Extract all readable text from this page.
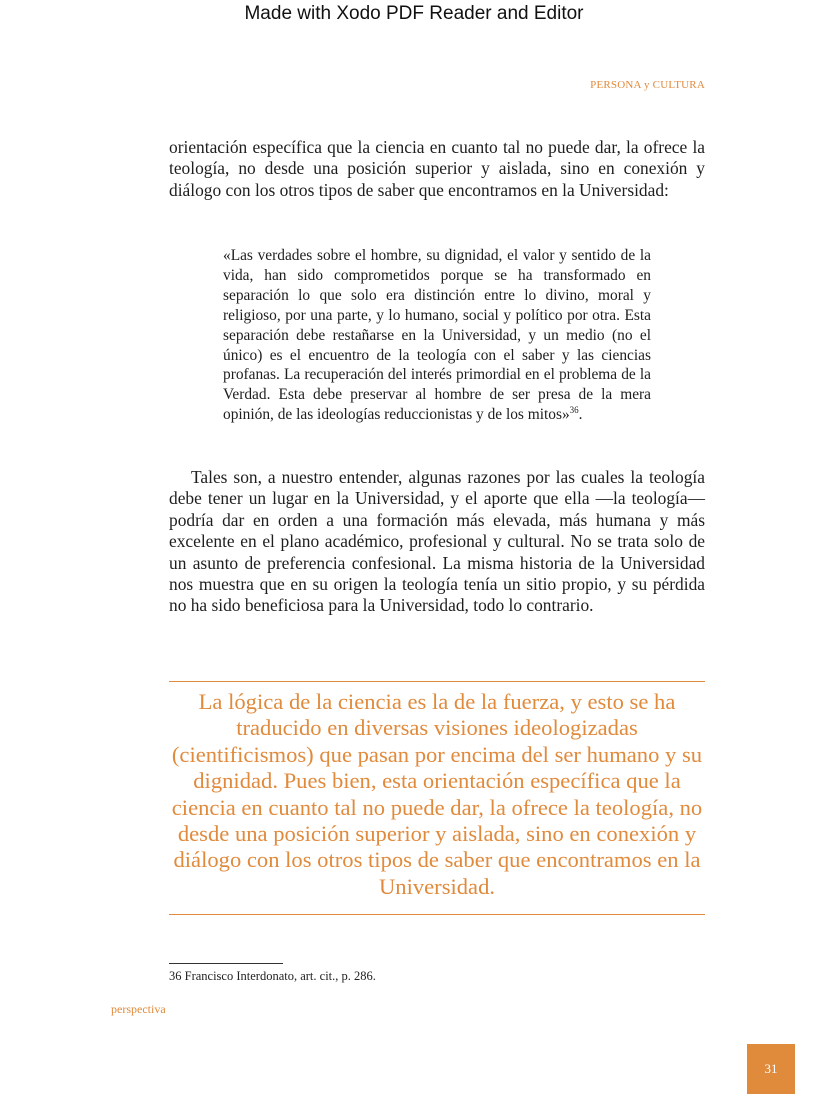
Made with Xodo PDF Reader and Editor
PERSONA y CULTURA

orientación específica que la ciencia en cuanto tal no puede dar, la ofrece la teología, no desde una posición superior y aislada, sino en conexión y diálogo con los otros tipos de saber que encontramos en la Universidad:

«Las verdades sobre el hombre, su dignidad, el valor y sentido de la vida, han sido comprometidos porque se ha transformado en separación lo que solo era distinción entre lo divino, moral y religioso, por una parte, y lo humano, social y político por otra. Esta separación debe restañarse en la Universidad, y un medio (no el único) es el encuentro de la teología con el saber y las ciencias profanas. La recuperación del interés primordial en el problema de la Verdad. Esta debe preservar al hombre de ser presa de la mera opinión, de las ideologías reduccionistas y de los mitos»$^{36}$.

Tales son, a nuestro entender, algunas razones por las cuales la teología debe tener un lugar en la Universidad, y el aporte que ella —la teología— podría dar en orden a una formación más elevada, más humana y más excelente en el plano académico, profesional y cultural. No se trata solo de un asunto de preferencia confesional. La misma historia de la Universidad nos muestra que en su origen la teología tenía un sitio propio, y su pérdida no ha sido beneficiosa para la Universidad, todo lo contrario.

La lógica de la ciencia es la de la fuerza, y esto se ha traducido en diversas visiones ideologizadas (cientificismos) que pasan por encima del ser humano y su dignidad. Pues bien, esta orientación específica que la ciencia en cuanto tal no puede dar, la ofrece la teología, no desde una posición superior y aislada, sino en conexión y diálogo con los otros tipos de saber que encontramos en la Universidad.

36 Francisco Interdonato, art. cit., p. 286.

perspectiva
31
